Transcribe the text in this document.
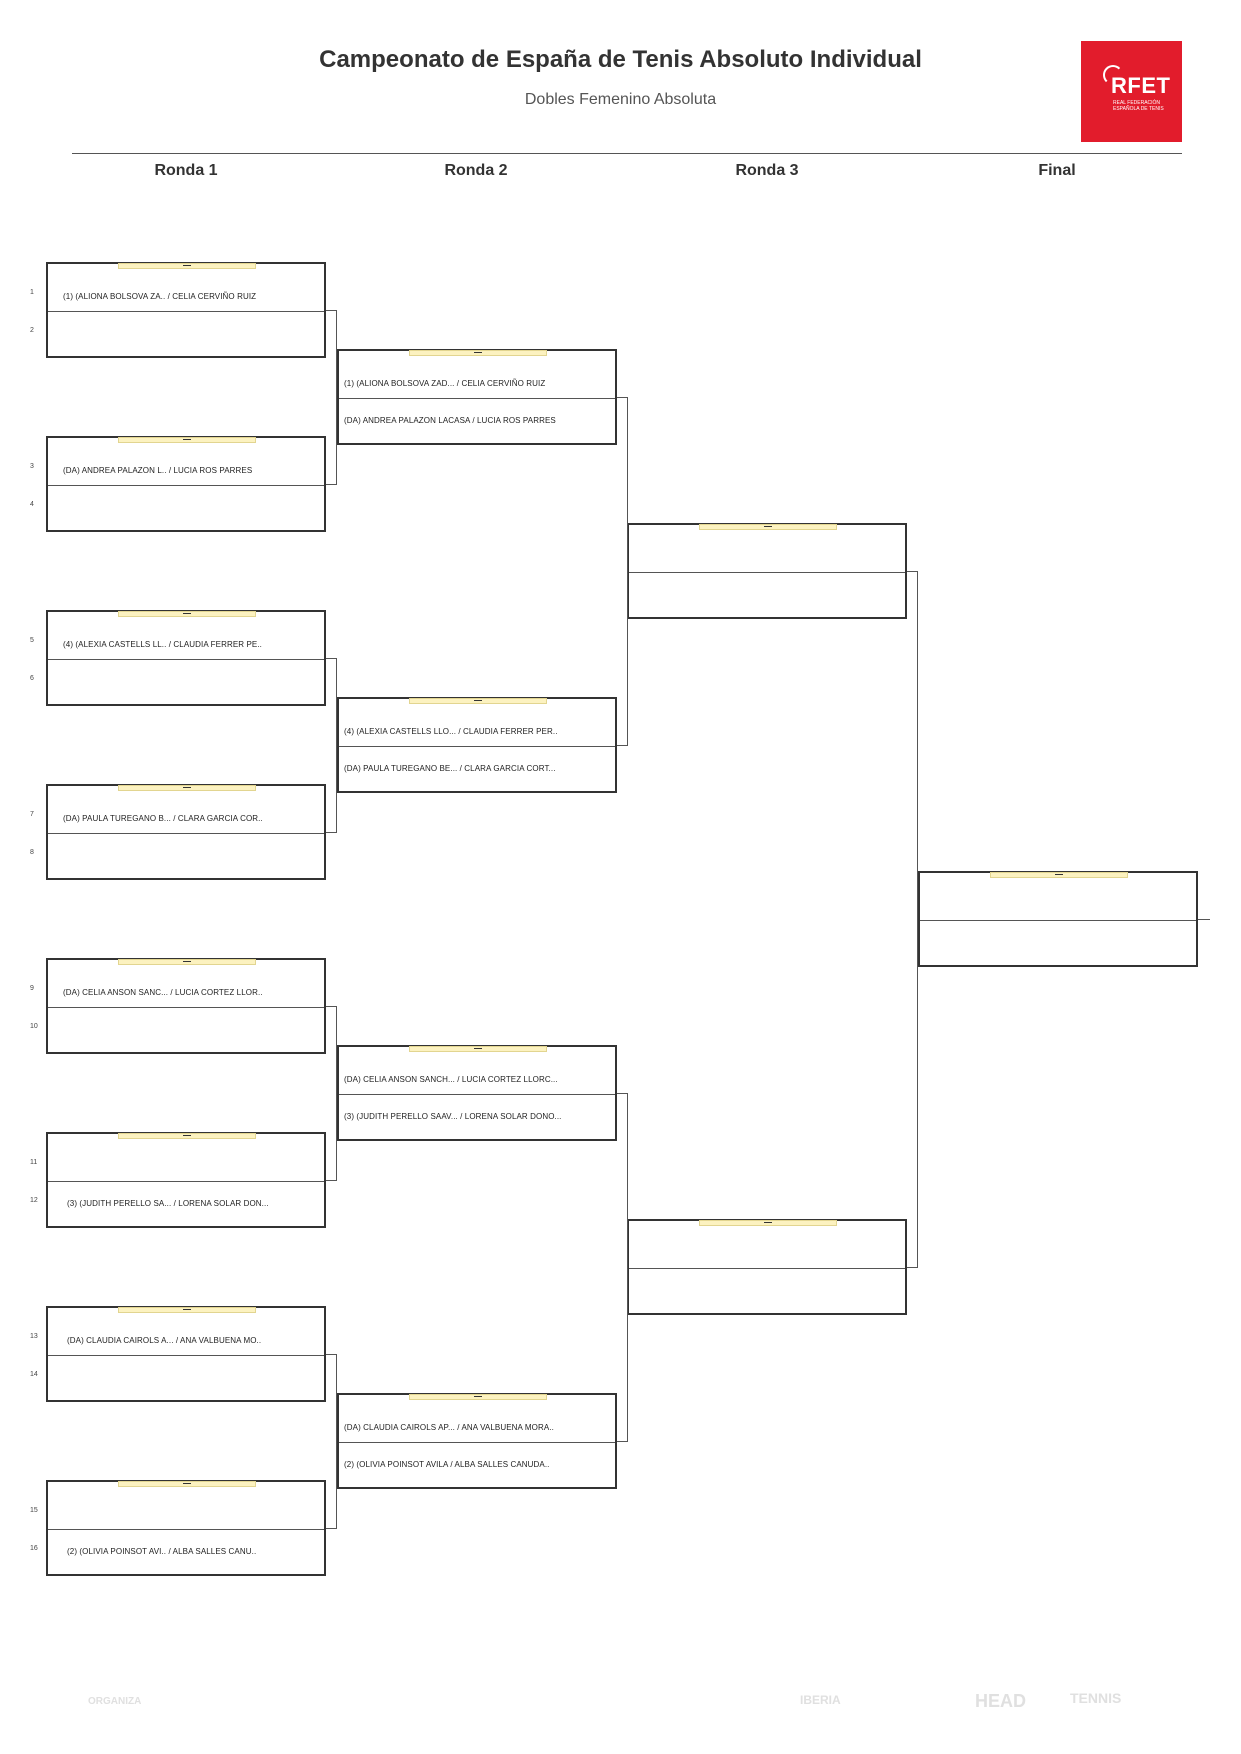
Campeonato de España de Tenis Absoluto Individual
Dobles Femenino Absoluta
RFET
REAL FEDERACIÓN
ESPAÑOLA DE TENIS
Ronda 1	Ronda 2	Ronda 3	Final
(1) (ALIONA BOLSOVA ZA.. / CELIA CERVIÑO RUIZ
1
2
(DA) ANDREA PALAZON L.. / LUCIA ROS PARRES
3
4
(4) (ALEXIA CASTELLS LL.. / CLAUDIA FERRER PE..
5
6
(DA) PAULA TUREGANO B... / CLARA GARCIA COR..
7
8
(DA) CELIA ANSON SANC... / LUCIA CORTEZ LLOR..
9
10
(3) (JUDITH PERELLO SA... / LORENA SOLAR DON...
11
12
(DA) CLAUDIA CAIROLS A... / ANA VALBUENA MO..
13
14
(2) (OLIVIA POINSOT AVI.. / ALBA SALLES CANU..
15
16
(1) (ALIONA BOLSOVA ZAD... / CELIA CERVIÑO RUIZ
(DA) ANDREA PALAZON LACASA / LUCIA ROS PARRES
(4) (ALEXIA CASTELLS LLO... / CLAUDIA FERRER PER..
(DA) PAULA TUREGANO BE... / CLARA GARCIA CORT...
(DA) CELIA ANSON SANCH... / LUCIA CORTEZ LLORC...
(3) (JUDITH PERELLO SAAV... / LORENA SOLAR DONO...
(DA) CLAUDIA CAIROLS AP... / ANA VALBUENA MORA..
(2) (OLIVIA POINSOT AVILA / ALBA SALLES CANUDA..
ORGANIZA	IBERIA	HEAD	TENNIS
